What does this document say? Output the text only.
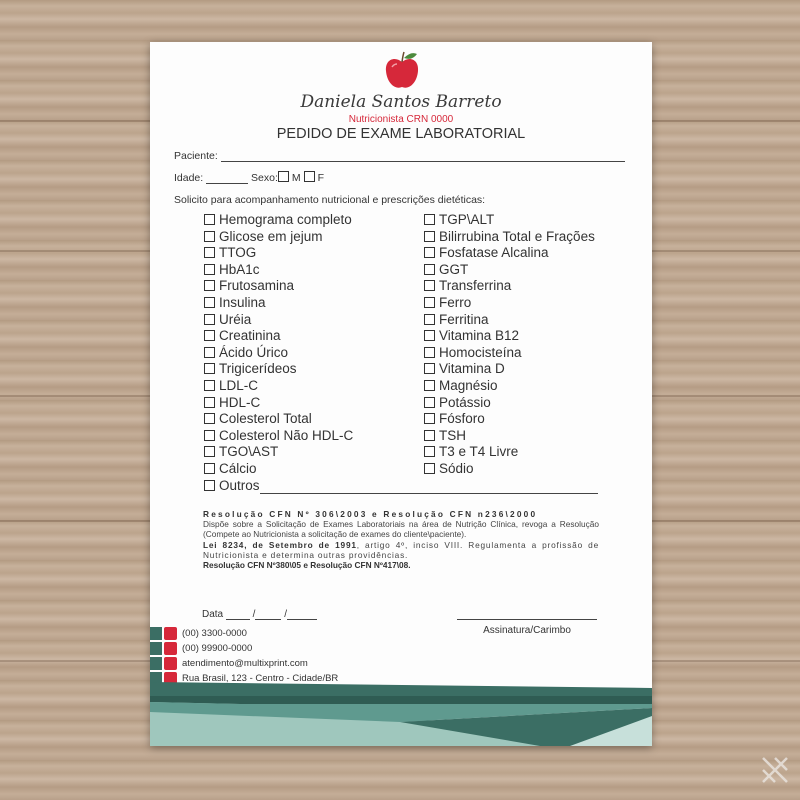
Daniela Santos Barreto
Nutricionista CRN 0000
PEDIDO DE EXAME LABORATORIAL
Paciente:
Idade:	Sexo: M F
Solicito para acompanhamento nutricional e prescrições dietéticas:
Hemograma completo
Glicose em jejum
TTOG
HbA1c
Frutosamina
Insulina
Uréia
Creatinina
Ácido Úrico
Trigicerídeos
LDL-C
HDL-C
Colesterol Total
Colesterol Não HDL-C
TGO\AST
Cálcio
Outros
TGP\ALT
Bilirrubina Total e Frações
Fosfatase Alcalina
GGT
Transferrina
Ferro
Ferritina
Vitamina B12
Homocisteína
Vitamina D
Magnésio
Potássio
Fósforo
TSH
T3 e T4 Livre
Sódio
Resolução CFN Nº 306\2003 e Resolução CFN n236\2000
Dispõe sobre a Solicitação de Exames Laboratoriais na área de Nutrição Clínica, revoga a Resolução (Compete ao Nutricionista a solicitação de exames do cliente\paciente).
Lei 8234, de Setembro de 1991, artigo 4º, inciso VIII. Regulamenta a profissão de Nutricionista e determina outras providências.
Resolução CFN Nº380\05 e Resolução CFN Nº417\08.
Data	/	/
Assinatura/Carimbo
(00) 3300-0000
(00) 99900-0000
atendimento@multixprint.com
Rua Brasil, 123 - Centro - Cidade/BR
